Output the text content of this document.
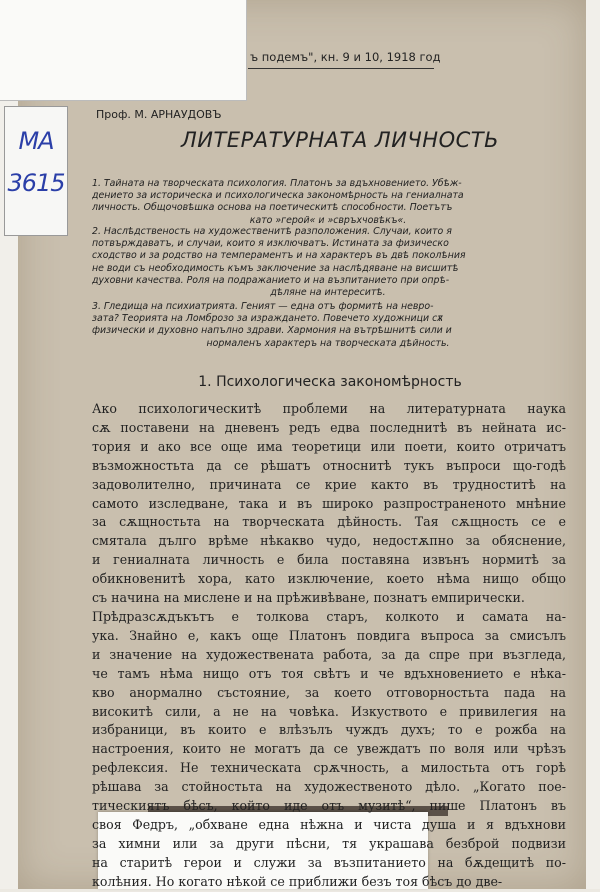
МА
3615
ъ подемъ", кн. 9 и 10, 1918 год
Проф. М. АРНАУДОВЪ
ЛИТЕРАТУРНАТА ЛИЧНОСТЬ
1. Тайната на творческата психология. Платонъ за вдъхновението. Убѣж-
дението за историческа и психологическа закономѣрность на гениалната
личность. Общочовѣшка основа на поетическитѣ способности. Поетътъ
като »герой« и »свръхчовѣкъ«.
2. Наслѣдственость на художественитѣ разположения. Случаи, които я
потвърждаватъ, и случаи, които я изключватъ. Истината за физическо
сходство и за родство на темпераментъ и на характеръ въ двѣ поколѣния
не води съ необходимость къмъ заключение за наслѣдяване на висшитѣ
духовни качества. Роля на подражанието и на възпитанието при опрѣ-
дѣляне на интереситѣ.
3. Гледища на психиатрията. Геният — една отъ формитѣ на невро-
зата? Теорията на Ломброзо за израждането. Повечето художници сѫ
физически и духовно напълно здрави. Хармония на вътрѣшнитѣ сили и
нормаленъ характеръ на творческата дѣйность.
1. Психологическа закономѣрность
Ако психологическитѣ проблеми на литературната наука
сѫ поставени на дневенъ редъ едва последнитѣ въ нейната ис-
тория и ако все още има теоретици или поети, които отричатъ
възможностьта да се рѣшатъ относнитѣ тукъ въпроси що-годѣ
задоволително, причината се крие както въ трудноститѣ на
самото изследване, така и въ широко разпространеното мнѣние
за сѫщностьта на творческата дѣйность. Тая сѫщность се е
смятала дълго врѣме нѣкакво чудо, недостѫпно за обяснение,
и гениалната личность е била поставяна извънъ нормитѣ за
обикновенитѣ хора, като изключение, което нѣма нищо общо
съ начина на мислене и на прѣживѣване, познатъ емпирически.
Прѣдразсѫдъкътъ е толкова старъ, колкото и самата на-
ука. Знайно е, какъ още Платонъ повдига въпроса за смисълъ
и значение на художествената работа, за да спре при възгледа,
че тамъ нѣма нищо отъ тоя свѣтъ и че вдъхновението е нѣка-
кво анормално състояние, за което отговорностьта пада на
високитѣ сили, а не на човѣка. Изкуството е привилегия на
избраници, въ които е влѣзълъ чуждъ духъ; то е рожба на
настроения, които не могатъ да се увеждатъ по воля или чрѣзъ
рефлексия. Не техническата срѫчность, а милостьта отъ горѣ
рѣшава за стойностьта на художественото дѣло. „Когато пое-
тическиятъ бѣсъ, който иде отъ музитѣ“, пише Платонъ въ
своя Федръ, „обхване една нѣжна и чиста душа и я вдъхнови
за химни или за други пѣсни, тя украшава безброй подвизи
на старитѣ герои и служи за възпитанието на бѫдещитѣ по-
колѣния. Но когато нѣкой се приближи безъ тоя бѣсъ до две-
